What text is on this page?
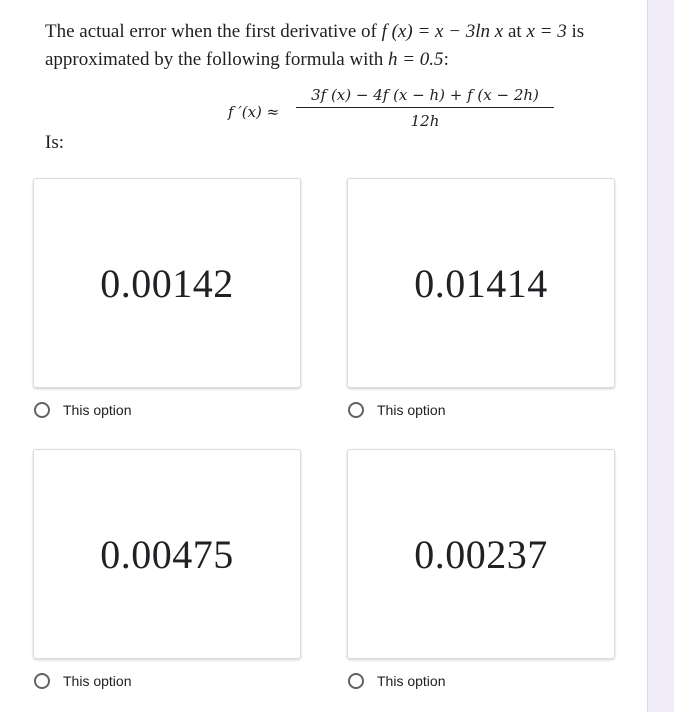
The actual error when the first derivative of f (x) = x − 3ln x at x = 3 is approximated by the following formula with h = 0.5:
f $'(x) \approx \frac{3f (x) - 4f (x - h) + f (x - 2h)}{12h}$
Is:
0.00142
This option
0.01414
This option
0.00475
This option
0.00237
This option
